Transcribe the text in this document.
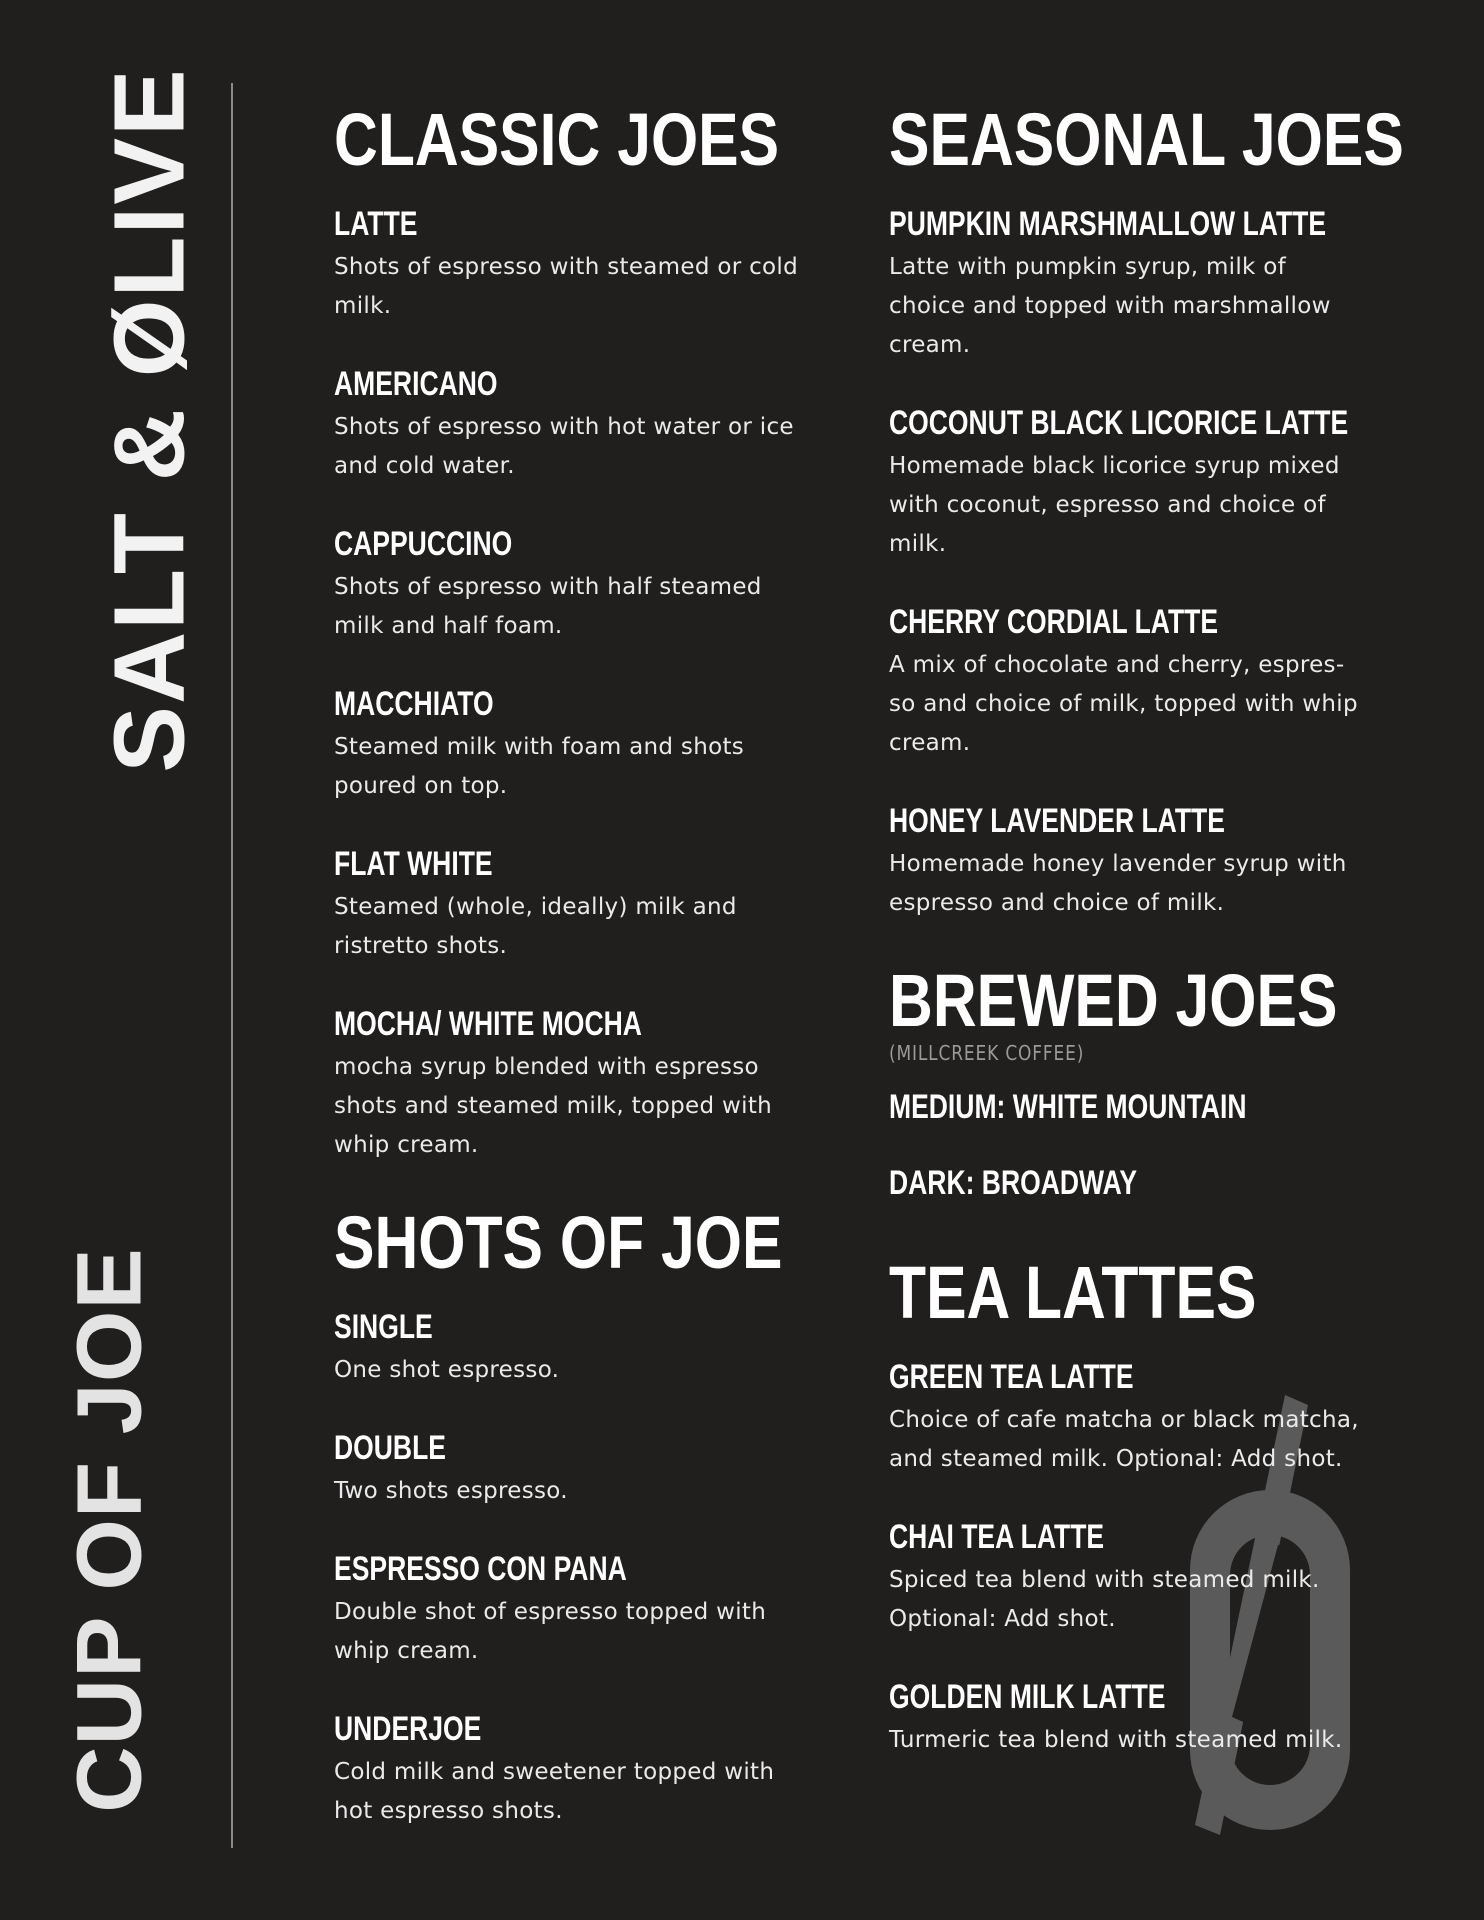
SALT & ØLIVE
CUP OF JOE
CLASSIC JOES
LATTE
Shots of espresso with steamed or cold milk.
AMERICANO
Shots of espresso with hot water or ice and cold water.
CAPPUCCINO
Shots of espresso with half steamed milk and half foam.
MACCHIATO
Steamed milk with foam and shots poured on top.
FLAT WHITE
Steamed (whole, ideally) milk and ristretto shots.
MOCHA/ WHITE MOCHA
mocha syrup blended with espresso shots and steamed milk, topped with whip cream.
SHOTS OF JOE
SINGLE
One shot espresso.
DOUBLE
Two shots espresso.
ESPRESSO CON PANA
Double shot of espresso topped with whip cream.
UNDERJOE
Cold milk and sweetener topped with hot espresso shots.
SEASONAL JOES
PUMPKIN MARSHMALLOW LATTE
Latte with pumpkin syrup, milk of choice and topped with marshmallow cream.
COCONUT BLACK LICORICE LATTE
Homemade black licorice syrup mixed with coconut, espresso and choice of milk.
CHERRY CORDIAL LATTE
A mix of chocolate and cherry, espres-so and choice of milk, topped with whip cream.
HONEY LAVENDER LATTE
Homemade honey lavender syrup with espresso and choice of milk.
BREWED JOES
(MILLCREEK COFFEE)
MEDIUM: WHITE MOUNTAIN
DARK: BROADWAY
TEA LATTES
GREEN TEA LATTE
Choice of cafe matcha or black matcha, and steamed milk. Optional: Add shot.
CHAI TEA LATTE
Spiced tea blend with steamed milk. Optional: Add shot.
GOLDEN MILK LATTE
Turmeric tea blend with steamed milk.
